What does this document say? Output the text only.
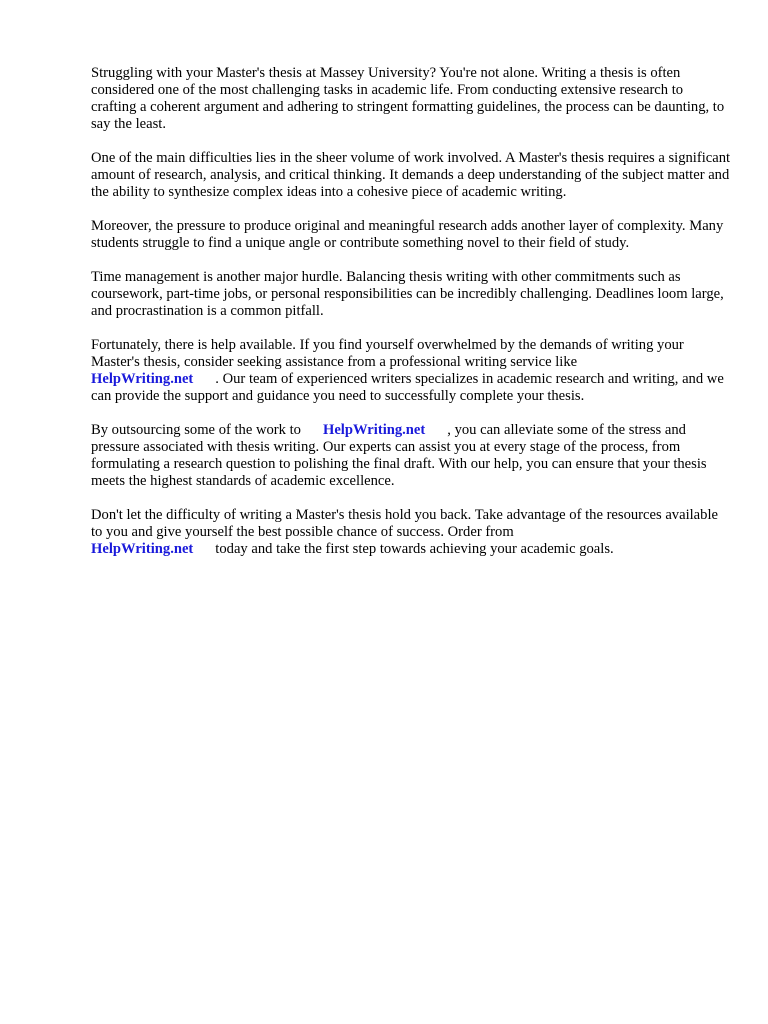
Struggling with your Master's thesis at Massey University? You're not alone. Writing a thesis is often considered one of the most challenging tasks in academic life. From conducting extensive research to crafting a coherent argument and adhering to stringent formatting guidelines, the process can be daunting, to say the least.

One of the main difficulties lies in the sheer volume of work involved. A Master's thesis requires a significant amount of research, analysis, and critical thinking. It demands a deep understanding of the subject matter and the ability to synthesize complex ideas into a cohesive piece of academic writing.

Moreover, the pressure to produce original and meaningful research adds another layer of complexity. Many students struggle to find a unique angle or contribute something novel to their field of study.

Time management is another major hurdle. Balancing thesis writing with other commitments such as coursework, part-time jobs, or personal responsibilities can be incredibly challenging. Deadlines loom large, and procrastination is a common pitfall.

Fortunately, there is help available. If you find yourself overwhelmed by the demands of writing your Master's thesis, consider seeking assistance from a professional writing service like
HelpWriting.net . Our team of experienced writers specializes in academic research and writing, and we can provide the support and guidance you need to successfully complete your thesis.

By outsourcing some of the work to HelpWriting.net , you can alleviate some of the stress and pressure associated with thesis writing. Our experts can assist you at every stage of the process, from formulating a research question to polishing the final draft. With our help, you can ensure that your thesis meets the highest standards of academic excellence.

Don't let the difficulty of writing a Master's thesis hold you back. Take advantage of the resources available to you and give yourself the best possible chance of success. Order from
HelpWriting.net today and take the first step towards achieving your academic goals.
